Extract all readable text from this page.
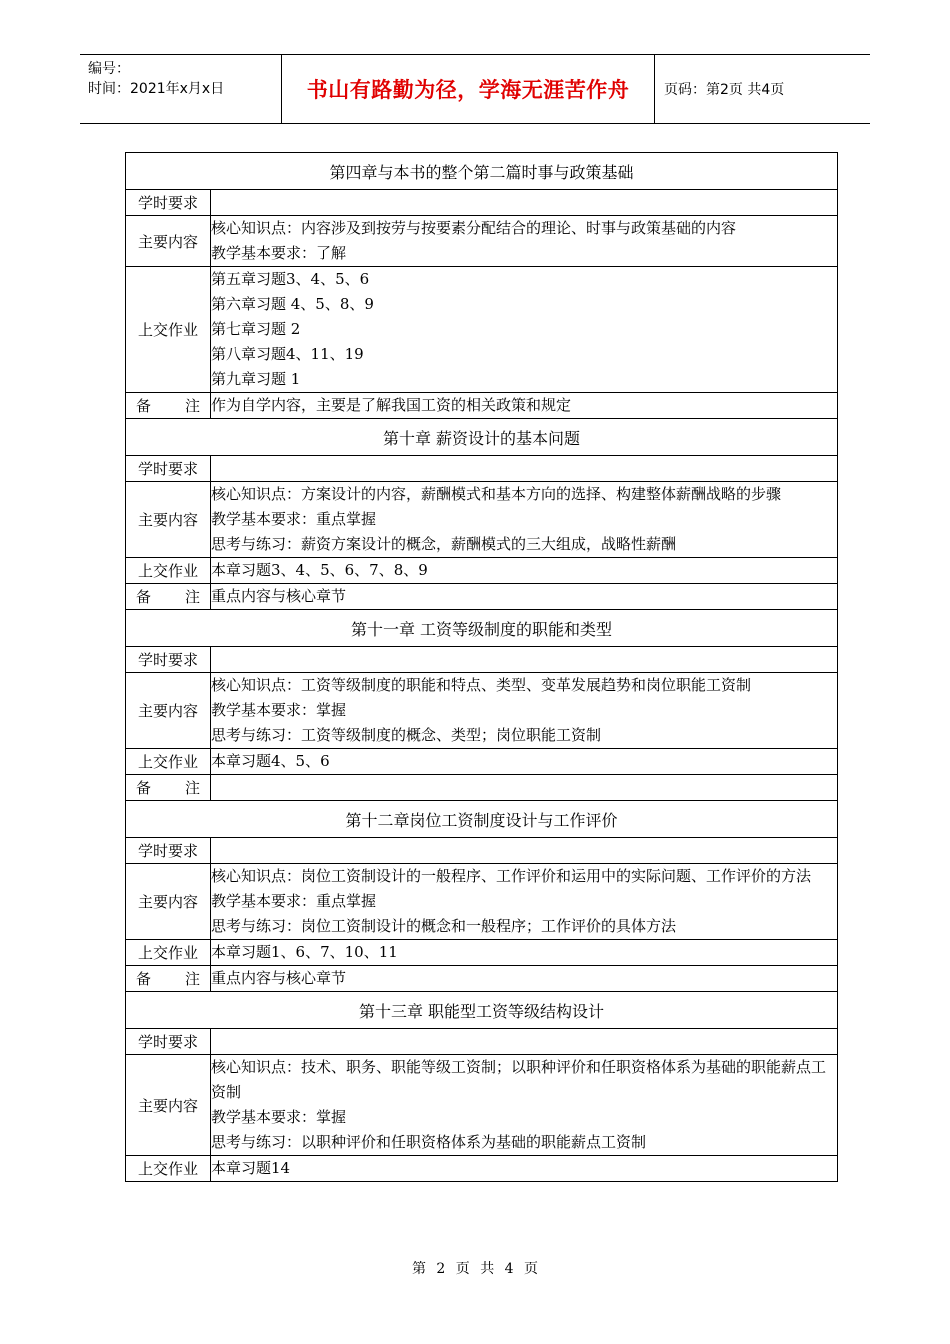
编号：
时间：2021年x月x日	书山有路勤为径，学海无涯苦作舟	页码：第2页 共4页
第四章与本书的整个第二篇时事与政策基础	
学时要求	
主要内容	核心知识点：内容涉及到按劳与按要素分配结合的理论、时事与政策基础的内容
教学基本要求：了解

上交作业	第五章习题3、4、5、6
第六章习题 4、5、8、9
第七章习题 2
第八章习题4、11、19
第九章习题 1

备　注	作为自学内容，主要是了解我国工资的相关政策和规定
第十章 薪资设计的基本问题	
学时要求	
主要内容	核心知识点：方案设计的内容，薪酬模式和基本方向的选择、构建整体薪酬战略的步骤
教学基本要求：重点掌握
思考与练习：薪资方案设计的概念，薪酬模式的三大组成，战略性薪酬

上交作业	本章习题3、4、5、6、7、8、9

备　注	重点内容与核心章节
第十一章 工资等级制度的职能和类型	
学时要求	
主要内容	核心知识点：工资等级制度的职能和特点、类型、变革发展趋势和岗位职能工资制
教学基本要求：掌握
思考与练习：工资等级制度的概念、类型；岗位职能工资制

上交作业	本章习题4、5、6

备　注	
第十二章岗位工资制度设计与工作评价	
学时要求	
主要内容	核心知识点：岗位工资制设计的一般程序、工作评价和运用中的实际问题、工作评价的方法
教学基本要求：重点掌握
思考与练习：岗位工资制设计的概念和一般程序；工作评价的具体方法

上交作业	本章习题1、6、7、10、11

备　注	重点内容与核心章节
第十三章 职能型工资等级结构设计	
学时要求	
主要内容	核心知识点：技术、职务、职能等级工资制；以职种评价和任职资格体系为基础的职能薪点工资制
教学基本要求：掌握
思考与练习：以职种评价和任职资格体系为基础的职能薪点工资制

上交作业	本章习题14
第 2 页 共 4 页
